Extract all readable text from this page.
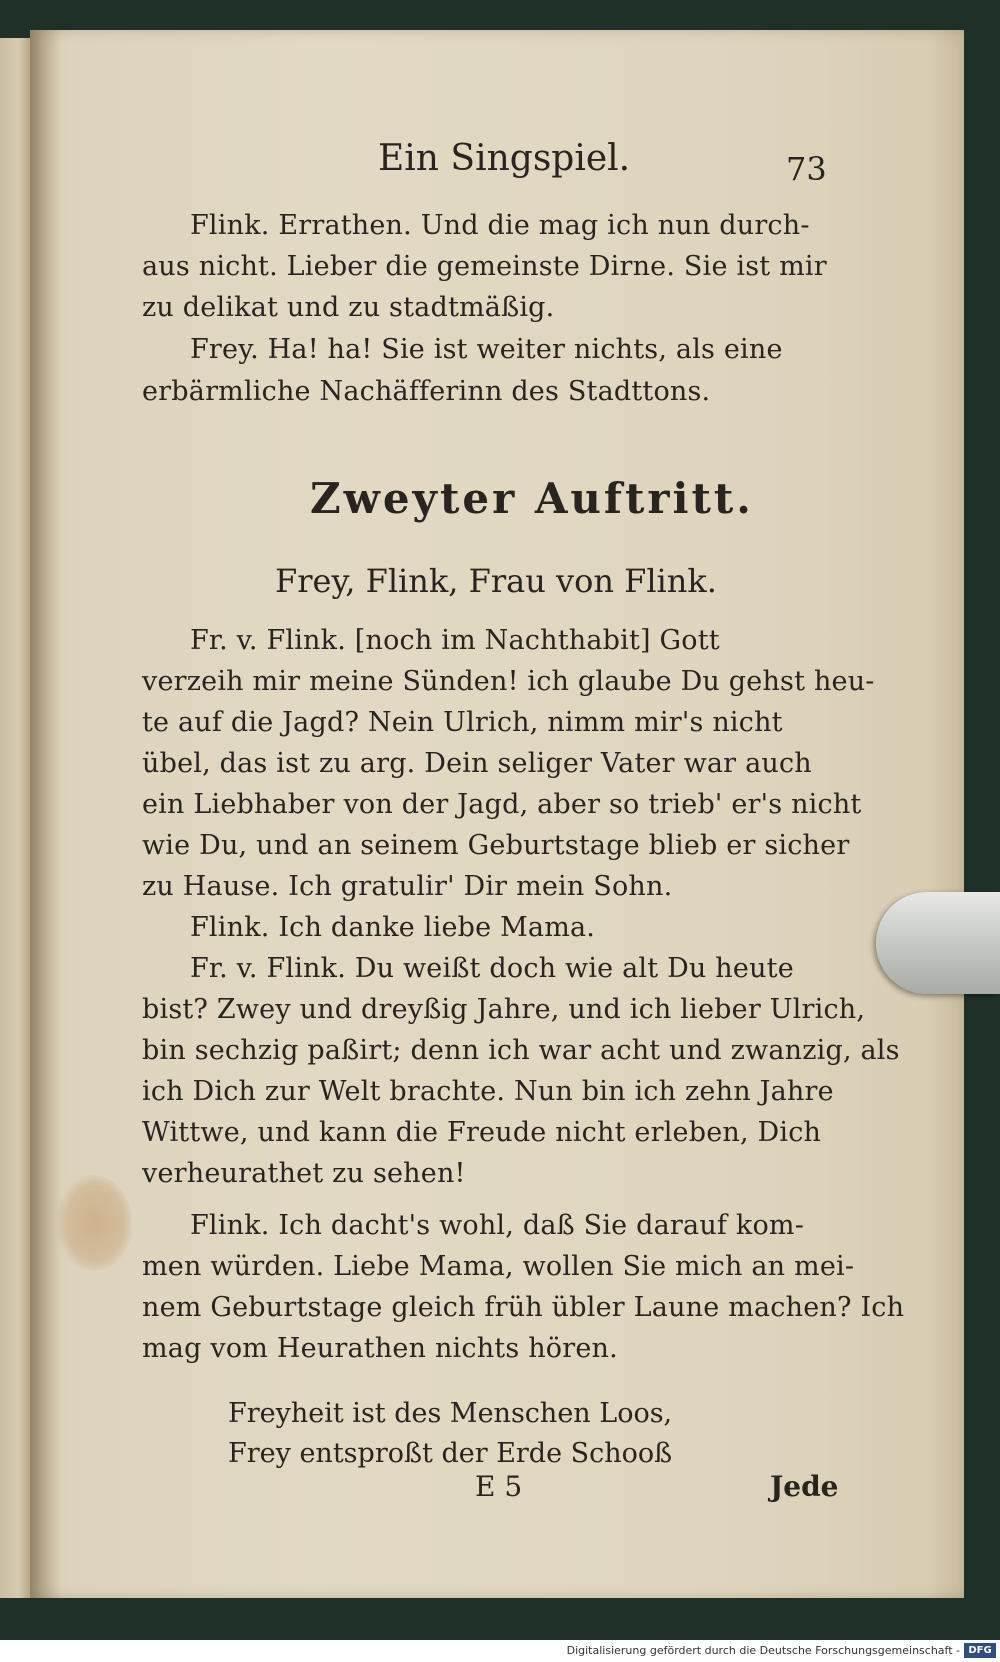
Ein Singspiel.	73
Flink. Errathen. Und die mag ich nun durch-
aus nicht. Lieber die gemeinste Dirne. Sie ist mir
zu delikat und zu stadtmäßig.
Frey. Ha! ha! Sie ist weiter nichts, als eine
erbärmliche Nachäfferinn des Stadttons.
Zweyter Auftritt.
Frey, Flink, Frau von Flink.
Fr. v. Flink. [noch im Nachthabit] Gott
verzeih mir meine Sünden! ich glaube Du gehst heu-
te auf die Jagd? Nein Ulrich, nimm mir's nicht
übel, das ist zu arg. Dein seliger Vater war auch
ein Liebhaber von der Jagd, aber so trieb' er's nicht
wie Du, und an seinem Geburtstage blieb er sicher
zu Hause. Ich gratulir' Dir mein Sohn.
Flink. Ich danke liebe Mama.
Fr. v. Flink. Du weißt doch wie alt Du heute
bist? Zwey und dreyßig Jahre, und ich lieber Ulrich,
bin sechzig paßirt; denn ich war acht und zwanzig, als
ich Dich zur Welt brachte. Nun bin ich zehn Jahre
Wittwe, und kann die Freude nicht erleben, Dich
verheurathet zu sehen!
Flink. Ich dacht's wohl, daß Sie darauf kom-
men würden. Liebe Mama, wollen Sie mich an mei-
nem Geburtstage gleich früh übler Laune machen? Ich
mag vom Heurathen nichts hören.
Freyheit ist des Menschen Loos,
Frey entsproßt der Erde Schooß
E 5	Jede
Digitalisierung gefördert durch die Deutsche Forschungsgemeinschaft - DFG
